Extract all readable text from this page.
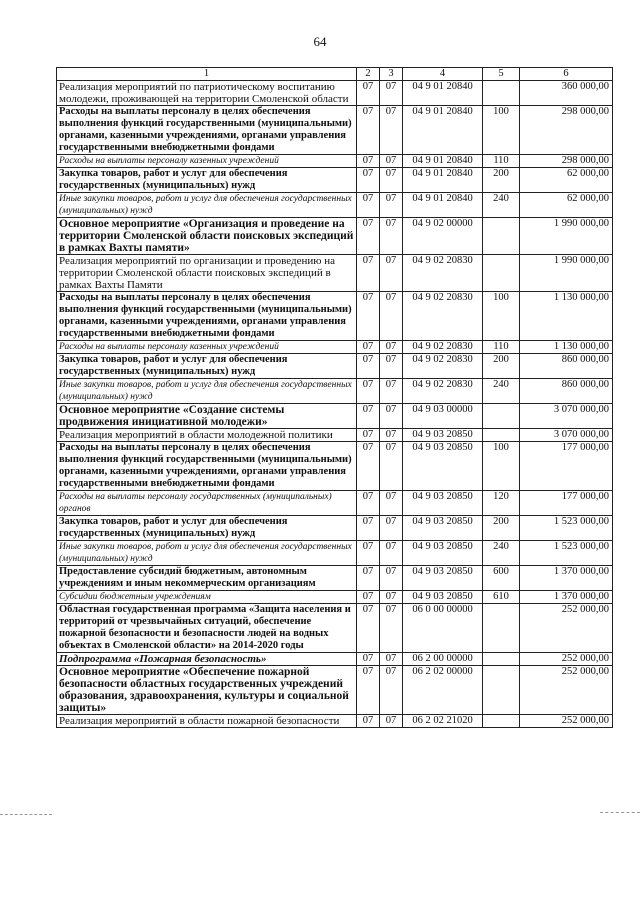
64
1	2	3	4	5	6
Реализация мероприятий по патриотическому воспитанию молодежи, проживающей на территории Смоленской области	07	07	04 9 01 20840		360 000,00
Расходы на выплаты персоналу в целях обеспечения выполнения функций государственными (муниципальными) органами, казенными учреждениями, органами управления государственными внебюджетными фондами	07	07	04 9 01 20840	100	298 000,00
Расходы на выплаты персоналу казенных учреждений	07	07	04 9 01 20840	110	298 000,00
Закупка товаров, работ и услуг для обеспечения государственных (муниципальных) нужд	07	07	04 9 01 20840	200	62 000,00
Иные закупки товаров, работ и услуг для обеспечения государственных (муниципальных) нужд	07	07	04 9 01 20840	240	62 000,00
Основное мероприятие «Организация и проведение на территории Смоленской области поисковых экспедиций в рамках Вахты памяти»	07	07	04 9 02 00000		1 990 000,00
Реализация мероприятий по организации и проведению на территории Смоленской области поисковых экспедиций в рамках Вахты Памяти	07	07	04 9 02 20830		1 990 000,00
Расходы на выплаты персоналу в целях обеспечения выполнения функций государственными (муниципальными) органами, казенными учреждениями, органами управления государственными внебюджетными фондами	07	07	04 9 02 20830	100	1 130 000,00
Расходы на выплаты персоналу казенных учреждений	07	07	04 9 02 20830	110	1 130 000,00
Закупка товаров, работ и услуг для обеспечения государственных (муниципальных) нужд	07	07	04 9 02 20830	200	860 000,00
Иные закупки товаров, работ и услуг для обеспечения государственных (муниципальных) нужд	07	07	04 9 02 20830	240	860 000,00
Основное мероприятие «Создание системы продвижения инициативной молодежи»	07	07	04 9 03 00000		3 070 000,00
Реализация мероприятий в области молодежной политики	07	07	04 9 03 20850		3 070 000,00
Расходы на выплаты персоналу в целях обеспечения выполнения функций государственными (муниципальными) органами, казенными учреждениями, органами управления государственными внебюджетными фондами	07	07	04 9 03 20850	100	177 000,00
Расходы на выплаты персоналу государственных (муниципальных) органов	07	07	04 9 03 20850	120	177 000,00
Закупка товаров, работ и услуг для обеспечения государственных (муниципальных) нужд	07	07	04 9 03 20850	200	1 523 000,00
Иные закупки товаров, работ и услуг для обеспечения государственных (муниципальных) нужд	07	07	04 9 03 20850	240	1 523 000,00
Предоставление субсидий бюджетным, автономным учреждениям и иным некоммерческим организациям	07	07	04 9 03 20850	600	1 370 000,00
Субсидии бюджетным учреждениям	07	07	04 9 03 20850	610	1 370 000,00
Областная государственная программа «Защита населения и территорий от чрезвычайных ситуаций, обеспечение пожарной безопасности и безопасности людей на водных объектах в Смоленской области» на 2014-2020 годы	07	07	06 0 00 00000		252 000,00
Подпрограмма «Пожарная безопасность»	07	07	06 2 00 00000		252 000,00
Основное мероприятие «Обеспечение пожарной безопасности областных государственных учреждений образования, здравоохранения, культуры и социальной защиты»	07	07	06 2 02 00000		252 000,00
Реализация мероприятий в области пожарной безопасности	07	07	06 2 02 21020		252 000,00
